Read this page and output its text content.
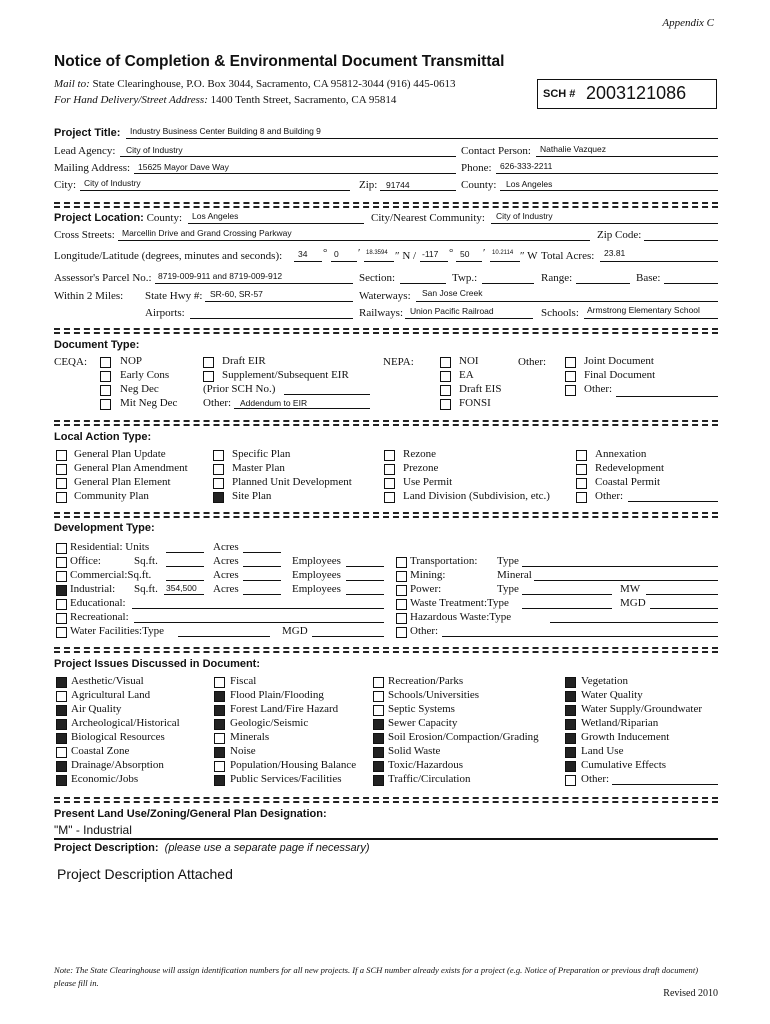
Appendix C
Notice of Completion & Environmental Document Transmittal
Mail to: State Clearinghouse, P.O. Box 3044, Sacramento, CA 95812-3044 (916) 445-0613
For Hand Delivery/Street Address: 1400 Tenth Street, Sacramento, CA 95814	SCH # 2003121086
Project Title: Industry Business Center Building 8 and Building 9
Lead Agency: City of Industry	Contact Person: Nathalie Vazquez
Mailing Address: 15625 Mayor Dave Way	Phone: 626-333-2211
City: City of Industry	Zip: 91744	County: Los Angeles
Project Location: County: Los Angeles	City/Nearest Community: City of Industry
Cross Streets: Marcellin Drive and Grand Crossing Parkway	Zip Code:
Longitude/Latitude (degrees, minutes and seconds): 34 ° 0 ′ 18.3594 ″ N / -117 ° 50 ′ 10.2114 ″ W Total Acres: 23.81
Assessor's Parcel No.: 8719-009-911 and 8719-009-912	Section:	Twp.:	Range:	Base:
Within 2 Miles: State Hwy #: SR-60, SR-57	Waterways: San Jose Creek
Airports:	Railways: Union Pacific Railroad	Schools: Armstrong Elementary School
Document Type:
CEQA:	NOP
Early Cons
Neg Dec
Mit Neg Dec
Draft EIR
Supplement/Subsequent EIR
(Prior SCH No.)
Other: Addendum to EIR
NEPA:	NOI
EA
Draft EIS
FONSI
Other:	Joint Document
Final Document
Other:
Local Action Type:
General Plan Update
General Plan Amendment
General Plan Element
Community Plan
Specific Plan
Master Plan
Planned Unit Development
Site Plan
Rezone
Prezone
Use Permit
Land Division (Subdivision, etc.)
Annexation
Redevelopment
Coastal Permit
Other:
Development Type:
Residential: Units	Acres
Office:	Sq.ft.	Acres	Employees
Commercial:Sq.ft.	Acres	Employees
Industrial: Sq.ft. 354,500 Acres	Employees
Educational:
Recreational:
Water Facilities:Type	MGD
Transportation: Type
Mining:	Mineral
Power:	Type	MW
Waste Treatment:Type	MGD
Hazardous Waste:Type
Other:
Project Issues Discussed in Document:
Aesthetic/Visual
Agricultural Land
Air Quality
Archeological/Historical
Biological Resources
Coastal Zone
Drainage/Absorption
Economic/Jobs
Fiscal
Flood Plain/Flooding
Forest Land/Fire Hazard
Geologic/Seismic
Minerals
Noise
Population/Housing Balance
Public Services/Facilities
Recreation/Parks
Schools/Universities
Septic Systems
Sewer Capacity
Soil Erosion/Compaction/Grading
Solid Waste
Toxic/Hazardous
Traffic/Circulation
Vegetation
Water Quality
Water Supply/Groundwater
Wetland/Riparian
Growth Inducement
Land Use
Cumulative Effects
Other:
Present Land Use/Zoning/General Plan Designation:
"M" - Industrial
Project Description: (please use a separate page if necessary)
Project Description Attached
Note: The State Clearinghouse will assign identification numbers for all new projects. If a SCH number already exists for a project (e.g. Notice of Preparation or previous draft document) please fill in.
Revised 2010
